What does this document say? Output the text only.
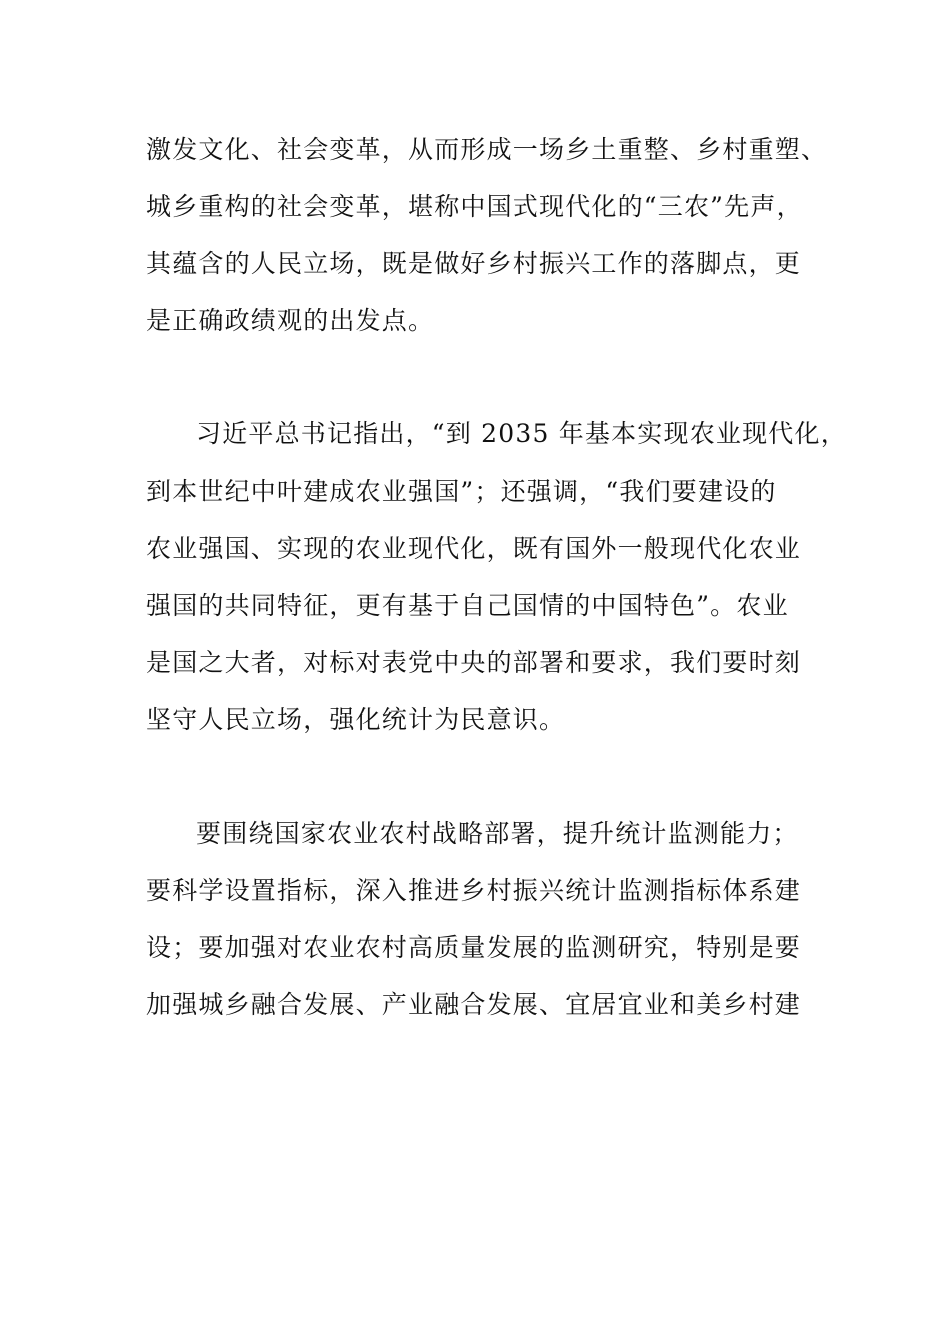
激发文化、社会变革，从而形成一场乡土重整、乡村重塑、
城乡重构的社会变革，堪称中国式现代化的“三农”先声，
其蕴含的人民立场，既是做好乡村振兴工作的落脚点，更
是正确政绩观的出发点。
习近平总书记指出，“到 2035 年基本实现农业现代化，
到本世纪中叶建成农业强国”；还强调，“我们要建设的
农业强国、实现的农业现代化，既有国外一般现代化农业
强国的共同特征，更有基于自己国情的中国特色”。农业
是国之大者，对标对表党中央的部署和要求，我们要时刻
坚守人民立场，强化统计为民意识。
要围绕国家农业农村战略部署，提升统计监测能力；
要科学设置指标，深入推进乡村振兴统计监测指标体系建
设；要加强对农业农村高质量发展的监测研究，特别是要
加强城乡融合发展、产业融合发展、宜居宜业和美乡村建
